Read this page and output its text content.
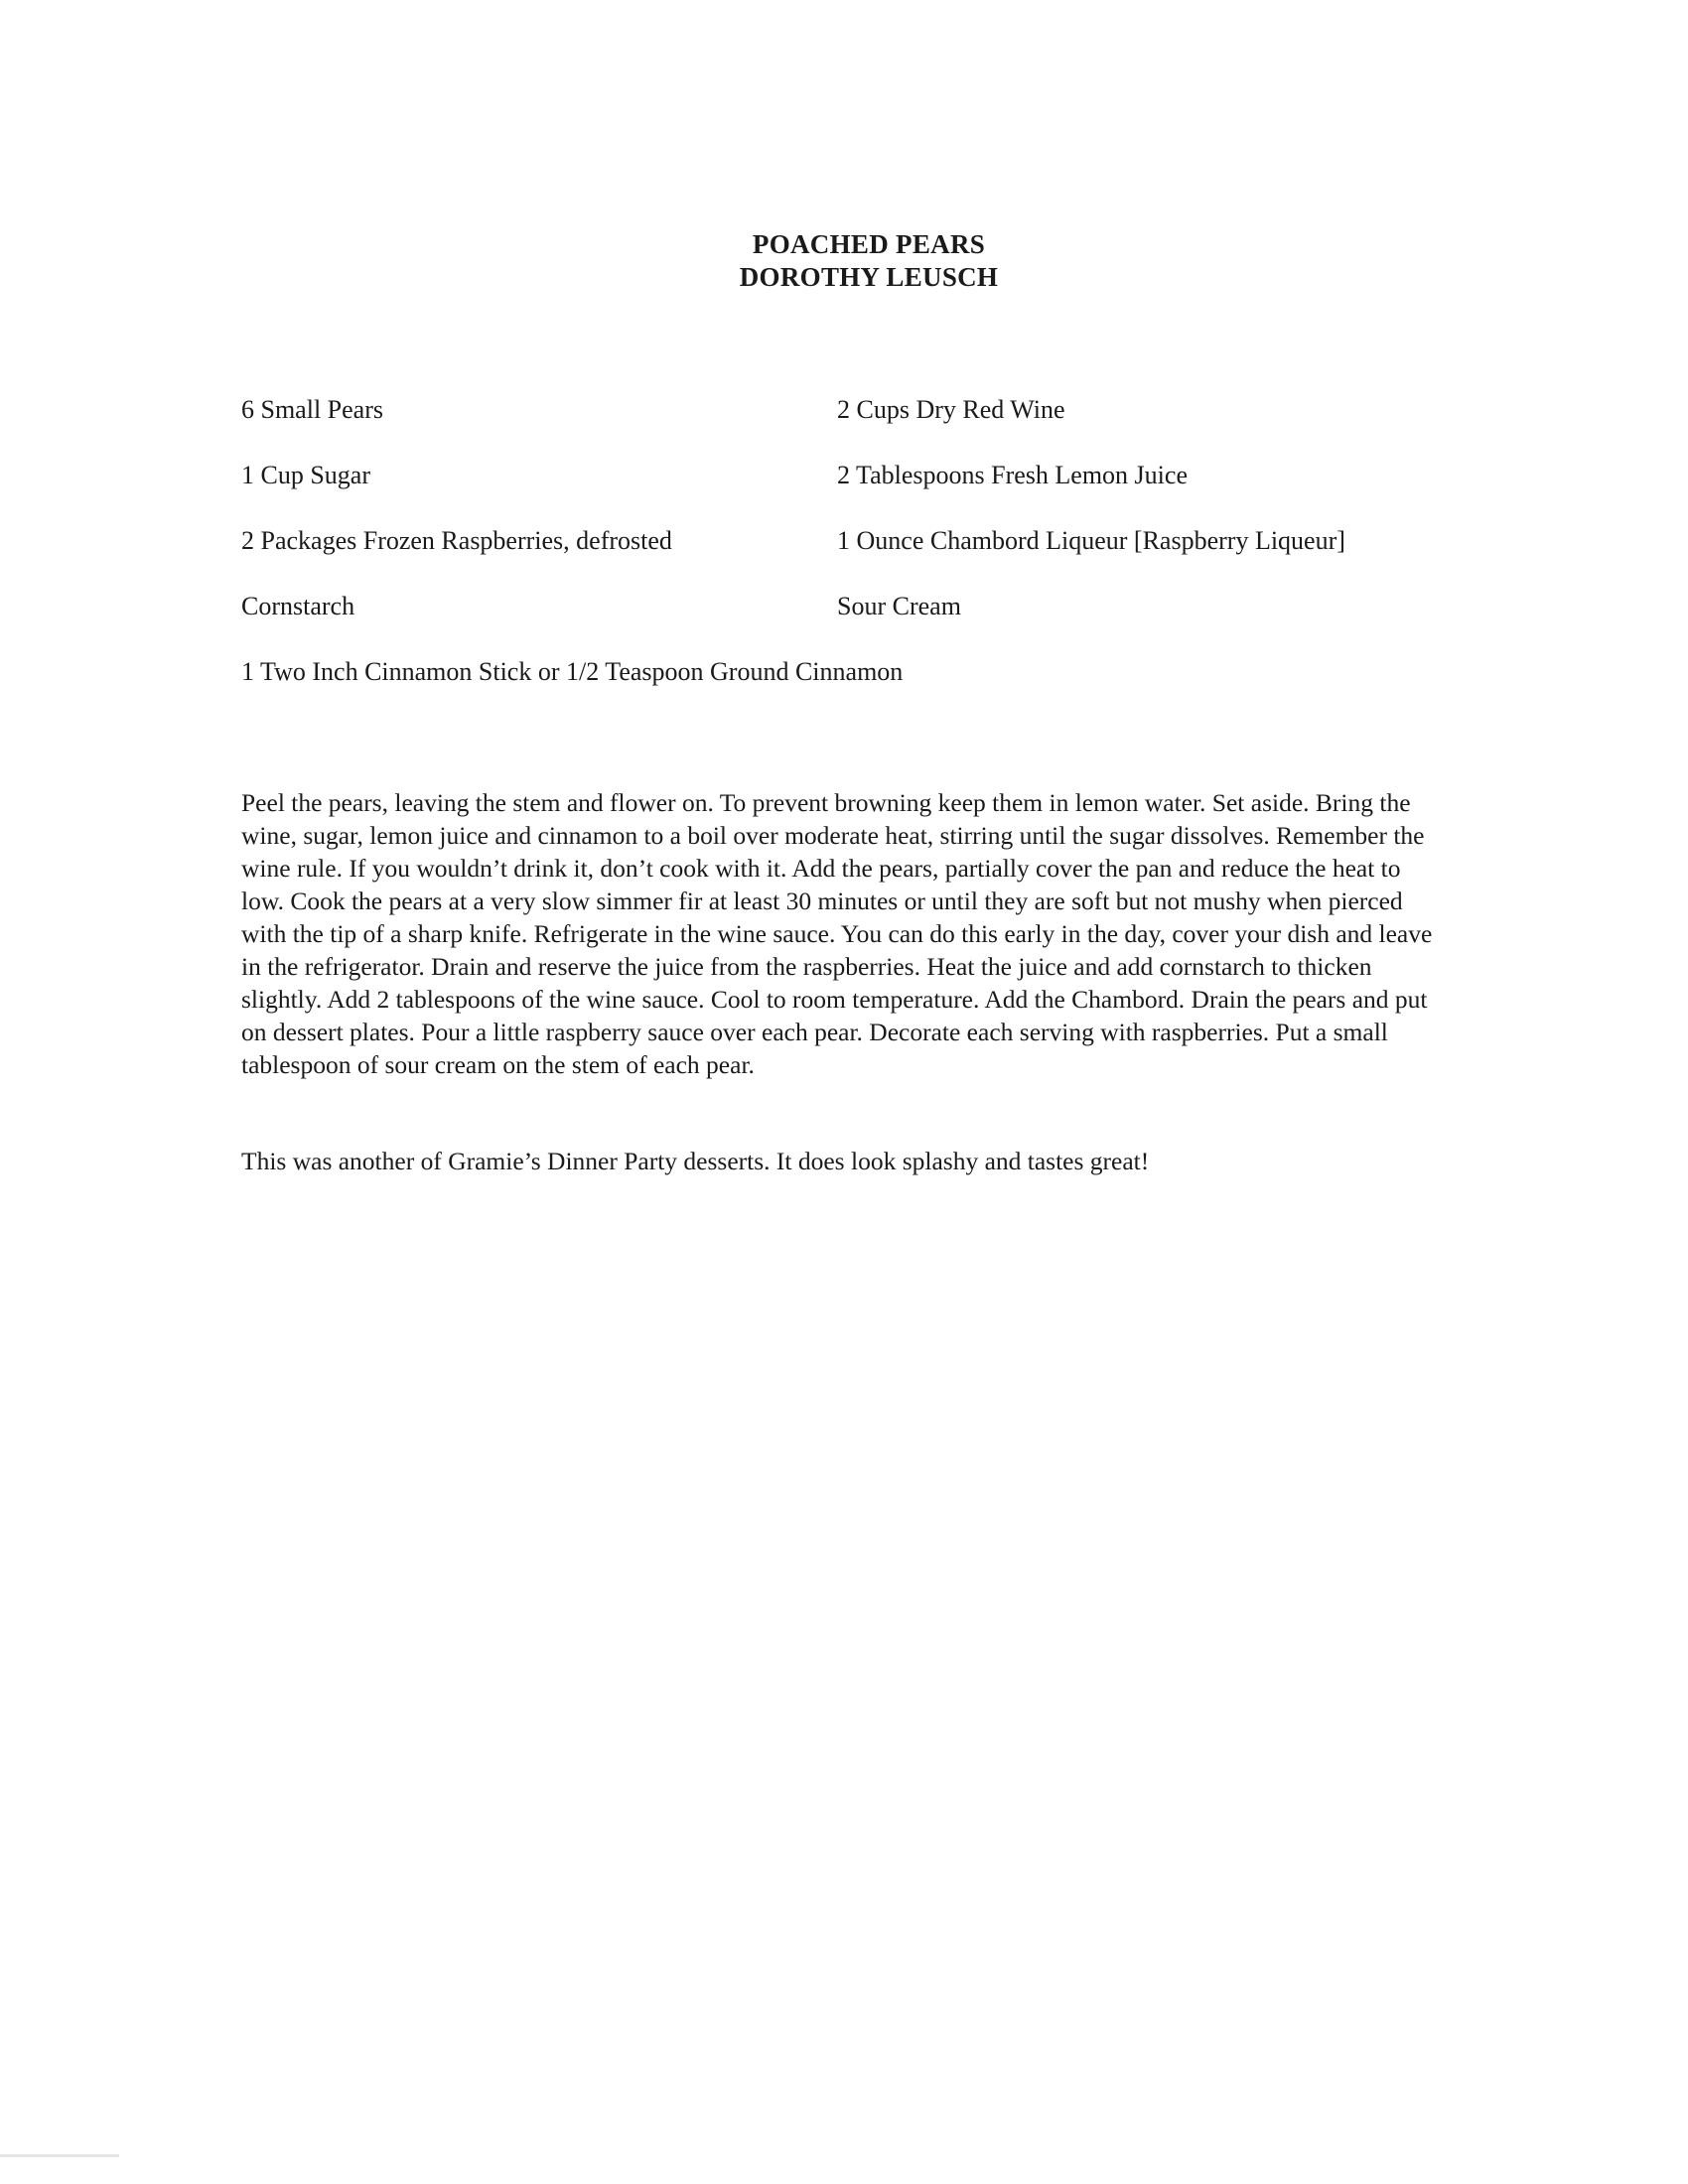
POACHED PEARS
DOROTHY LEUSCH
6 Small Pears	2 Cups Dry Red Wine
1 Cup Sugar	2 Tablespoons Fresh Lemon Juice
2 Packages Frozen Raspberries, defrosted	1 Ounce Chambord Liqueur [Raspberry Liqueur]
Cornstarch	Sour Cream
1 Two Inch Cinnamon Stick or 1/2 Teaspoon Ground Cinnamon

Peel the pears, leaving the stem and flower on. To prevent browning keep them in lemon water. Set aside. Bring the wine, sugar, lemon juice and cinnamon to a boil over moderate heat, stirring until the sugar dissolves. Remember the wine rule. If you wouldn’t drink it, don’t cook with it. Add the pears, partially cover the pan and reduce the heat to low. Cook the pears at a very slow simmer fir at least 30 minutes or until they are soft but not mushy when pierced with the tip of a sharp knife. Refrigerate in the wine sauce. You can do this early in the day, cover your dish and leave in the refrigerator. Drain and reserve the juice from the raspberries. Heat the juice and add cornstarch to thicken slightly. Add 2 tablespoons of the wine sauce. Cool to room temperature. Add the Chambord. Drain the pears and put on dessert plates. Pour a little raspberry sauce over each pear. Decorate each serving with raspberries. Put a small tablespoon of sour cream on the stem of each pear.

This was another of Gramie’s Dinner Party desserts. It does look splashy and tastes great!
